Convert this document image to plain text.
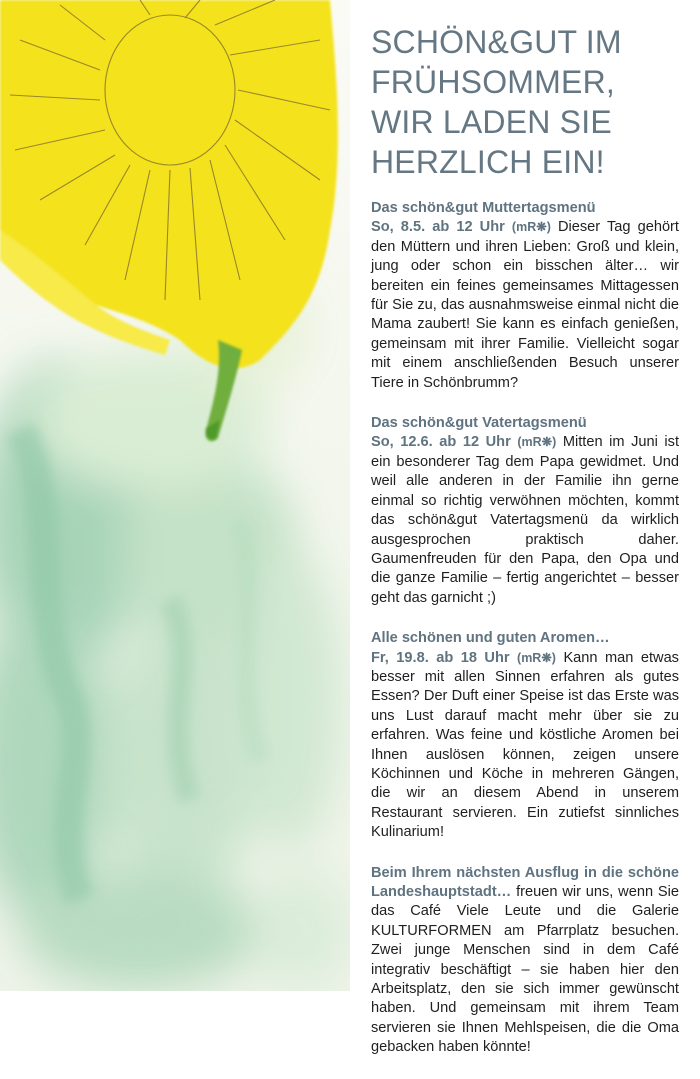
SCHÖN&GUT IM FRÜHSOMMER, WIR LADEN SIE HERZLICH EIN!

Das schön&gut Muttertagsmenü
So, 8.5. ab 12 Uhr (mR❋) Dieser Tag gehört den Müttern und ihren Lieben: Groß und klein, jung oder schon ein bisschen älter… wir bereiten ein feines gemeinsames Mittagessen für Sie zu, das ausnahmsweise einmal nicht die Mama zaubert! Sie kann es einfach genießen, gemeinsam mit ihrer Familie. Vielleicht sogar mit einem anschließenden Besuch unserer Tiere in Schönbrumm?

Das schön&gut Vatertagsmenü
So, 12.6. ab 12 Uhr (mR❋) Mitten im Juni ist ein besonderer Tag dem Papa gewidmet. Und weil alle anderen in der Familie ihn gerne einmal so richtig verwöhnen möchten, kommt das schön&gut Vatertagsmenü da wirklich ausgesprochen praktisch daher. Gaumenfreuden für den Papa, den Opa und die ganze Familie – fertig angerichtet – besser geht das garnicht ;)

Alle schönen und guten Aromen…
Fr, 19.8. ab 18 Uhr (mR❋) Kann man etwas besser mit allen Sinnen erfahren als gutes Essen? Der Duft einer Speise ist das Erste was uns Lust darauf macht mehr über sie zu erfahren. Was feine und köstliche Aromen bei Ihnen auslösen können, zeigen unsere Köchinnen und Köche in mehreren Gängen, die wir an diesem Abend in unserem Restaurant servieren. Ein zutiefst sinnliches Kulinarium!

Beim Ihrem nächsten Ausflug in die schöne Landeshauptstadt… freuen wir uns, wenn Sie das Café Viele Leute und die Galerie KULTURFORMEN am Pfarrplatz besuchen. Zwei junge Menschen sind in dem Café integrativ beschäftigt – sie haben hier den Arbeitsplatz, den sie sich immer gewünscht haben. Und gemeinsam mit ihrem Team servieren sie Ihnen Mehlspeisen, die die Oma gebacken haben könnte!
